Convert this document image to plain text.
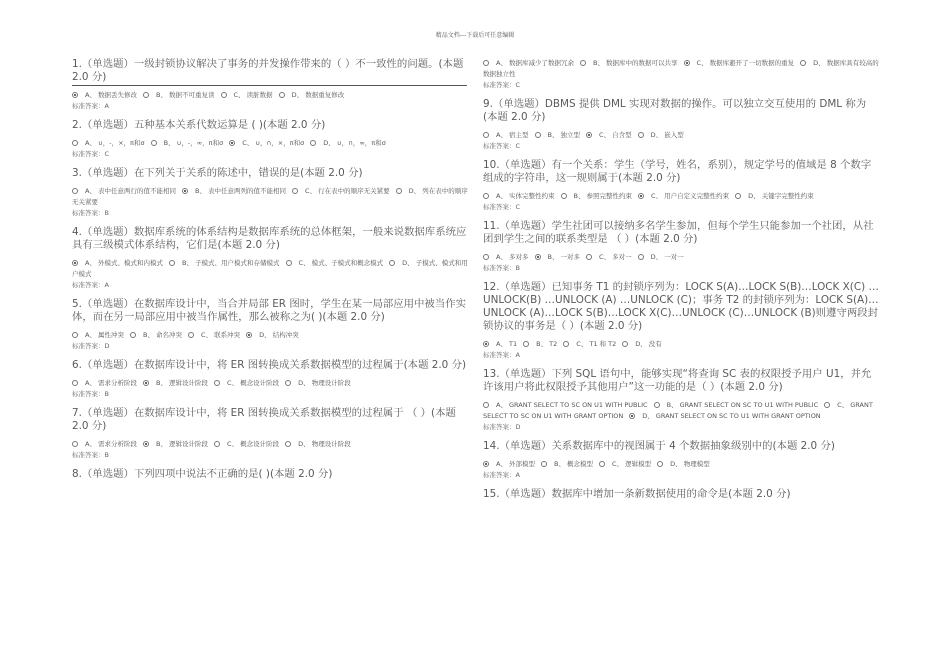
精品文档---下载后可任意编辑
1.（单选题）一级封锁协议解决了事务的并发操作带来的（ ）不一致性的问题。(本题 2.0 分)
A、 数据丢失修改	B、 数据不可重复读	C、 读脏数据	D、 数据重复修改
标准答案：A
2.（单选题）五种基本关系代数运算是 ( )(本题 2.0 分)
A、 ∪，-，×，π和σ	B、 ∪，-，∞，π和σ	C、 ∪，∩，×，π和σ	D、 ∪，∩，∞，π和σ
标准答案：C
3.（单选题）在下列关于关系的陈述中，错误的是(本题 2.0 分)
A、 表中任意两行的值不能相同	B、 表中任意两列的值不能相同	C、 行在表中的顺序无关紧要	D、 列在表中的顺序无关紧要
标准答案：B
4.（单选题）数据库系统的体系结构是数据库系统的总体框架，一般来说数据库系统应具有三级模式体系结构，它们是(本题 2.0 分)
A、 外模式、模式和内模式	B、 子模式、用户模式和存储模式	C、 模式、子模式和概念模式	D、 子模式、模式和用户模式
标准答案：A
5.（单选题）在数据库设计中，当合并局部 ER 图时，学生在某一局部应用中被当作实体，而在另一局部应用中被当作属性，那么被称之为( )(本题 2.0 分)
A、 属性冲突	B、 命名冲突	C、 联系冲突	D、 结构冲突
标准答案：D
6.（单选题）在数据库设计中，将 ER 图转换成关系数据模型的过程属于(本题 2.0 分)
A、 需求分析阶段	B、 逻辑设计阶段	C、 概念设计阶段	D、 物理设计阶段
标准答案：B
7.（单选题）在数据库设计中，将 ER 图转换成关系数据模型的过程属于 （ ）(本题 2.0 分)
A、 需求分析阶段	B、 逻辑设计阶段	C、 概念设计阶段	D、 物理设计阶段
标准答案：B
8.（单选题）下列四项中说法不正确的是( )(本题 2.0 分)
A、 数据库减少了数据冗余	B、 数据库中的数据可以共享	C、 数据库避开了一切数据的重复	D、 数据库具有较高的数据独立性
标准答案：C
9.（单选题）DBMS 提供 DML 实现对数据的操作。可以独立交互使用的 DML 称为(本题 2.0 分)
A、 宿主型	B、 独立型	C、 自含型	D、 嵌入型
标准答案：C
10.（单选题）有一个关系：学生（学号，姓名，系别），规定学号的值域是 8 个数字组成的字符串，这一规则属于(本题 2.0 分)
A、 实体完整性约束	B、 参照完整性约束	C、 用户自定义完整性约束	D、 关键字完整性约束
标准答案：C
11.（单选题）学生社团可以接纳多名学生参加，但每个学生只能参加一个社团，从社团到学生之间的联系类型是 （ ）(本题 2.0 分)
A、 多对多	B、 一对多	C、 多对一	D、 一对一
标准答案：B
12.（单选题）已知事务 T1 的封锁序列为：LOCK S(A)…LOCK S(B)…LOCK X(C) …UNLOCK(B) …UNLOCK (A) …UNLOCK (C)；事务 T2 的封锁序列为：LOCK S(A)…UNLOCK (A)…LOCK S(B)…LOCK X(C)…UNLOCK (C)…UNLOCK (B)则遵守两段封锁协议的事务是（ ）(本题 2.0 分)
A、 T1	B、 T2	C、 T1 和 T2	D、 没有
标准答案：A
13.（单选题）下列 SQL 语句中，能够实现“将查询 SC 表的权限授予用户 U1，并允许该用户将此权限授予其他用户”这一功能的是（ ）(本题 2.0 分)
A、 GRANT SELECT TO SC ON U1 WITH PUBLIC	B、 GRANT SELECT ON SC TO U1 WITH PUBLIC	C、 GRANT SELECT TO SC ON U1 WITH GRANT OPTION	D、 GRANT SELECT ON SC TO U1 WITH GRANT OPTION
标准答案：D
14.（单选题）关系数据库中的视图属于 4 个数据抽象级别中的(本题 2.0 分)
A、 外部模型	B、 概念模型	C、 逻辑模型	D、 物理模型
标准答案：A
15.（单选题）数据库中增加一条新数据使用的命令是(本题 2.0 分)
